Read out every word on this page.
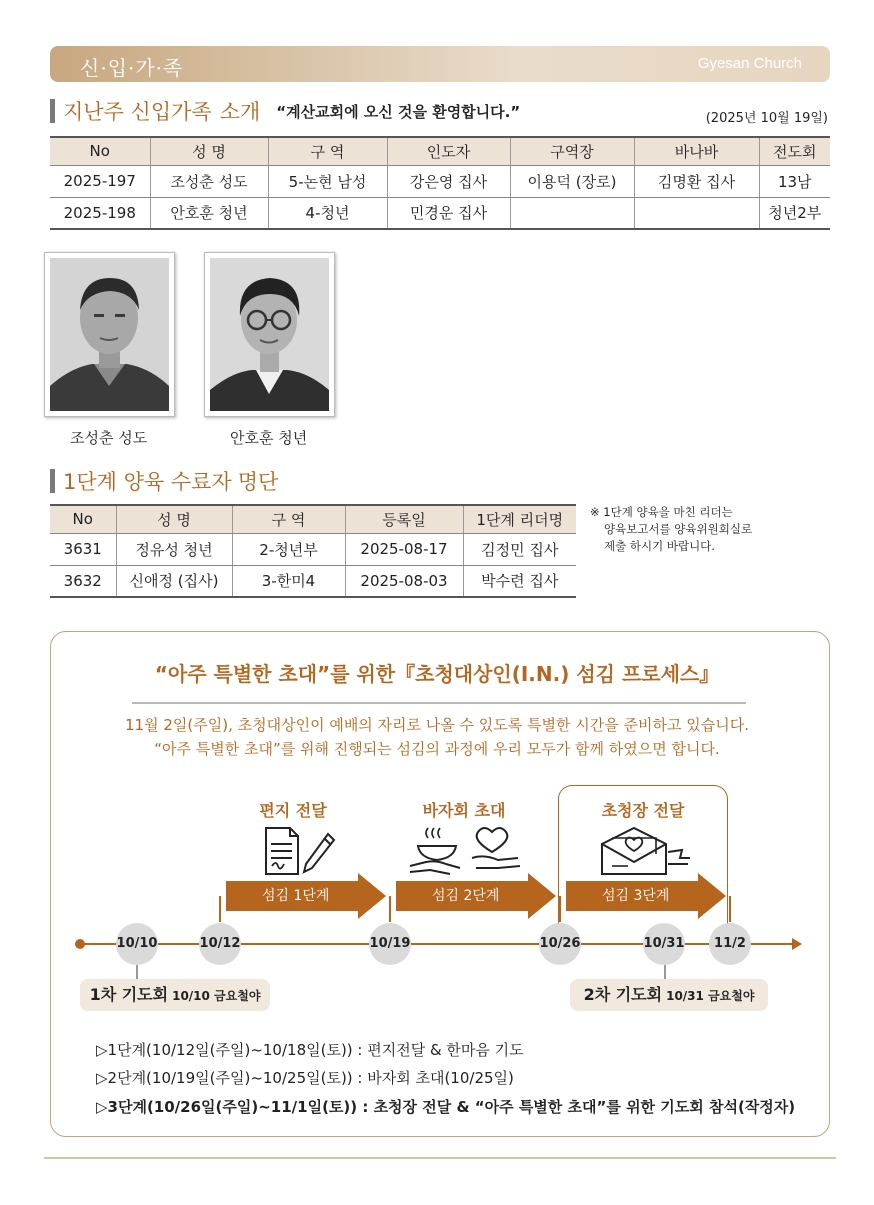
신·입·가·족	Gyesan Church
지난주 신입가족 소개 “계산교회에 오신 것을 환영합니다.”	(2025년 10월 19일)
No	성 명	구 역	인도자	구역장	바나바	전도회
2025-197	조성춘 성도	5-논현 남성	강은영 집사	이용덕 (장로)	김명환 집사	13남
2025-198	안호훈 청년	4-청년	민경운 집사			청년2부
조성춘 성도	안호훈 청년
1단계 양육 수료자 명단
No	성 명	구 역	등록일	1단계 리더명
3631	정유성 청년	2-청년부	2025-08-17	김정민 집사
3632	신애정 (집사)	3-한미4	2025-08-03	박수련 집사
※ 1단계 양육을 마친 리더는
양육보고서를 양육위원회실로
제출 하시기 바랍니다.
“아주 특별한 초대”를 위한『초청대상인(I.N.) 섬김 프로세스』
11월 2일(주일), 초청대상인이 예배의 자리로 나올 수 있도록 특별한 시간을 준비하고 있습니다.
“아주 특별한 초대”를 위해 진행되는 섬김의 과정에 우리 모두가 함께 하였으면 합니다.
편지 전달	바자회 초대	초청장 전달
섬김 1단계	섬김 2단계	섬김 3단계
10/10	10/12	10/19	10/26	10/31	11/2
1차 기도회 10/10 금요철야	2차 기도회 10/31 금요철야
▷1단계(10/12일(주일)~10/18일(토)) : 편지전달 & 한마음 기도
▷2단계(10/19일(주일)~10/25일(토)) : 바자회 초대(10/25일)
▷3단계(10/26일(주일)~11/1일(토)) : 초청장 전달 & “아주 특별한 초대”를 위한 기도회 참석(작정자)
